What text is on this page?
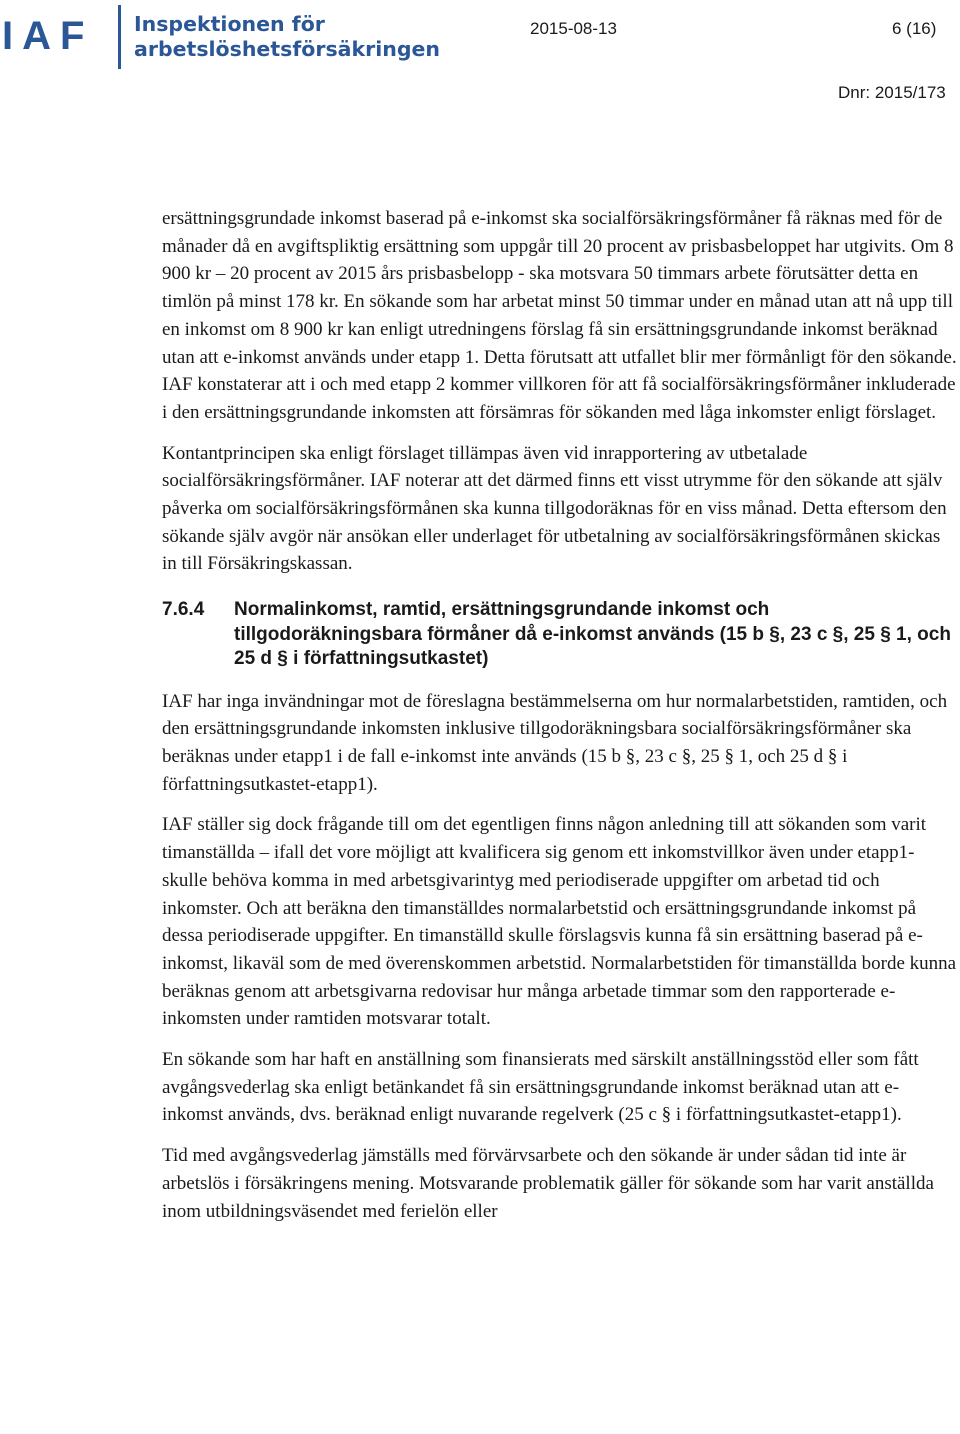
IAF Inspektionen för
arbetslöshetsförsäkringen
2015-08-13	6 (16)
Dnr: 2015/173

ersättningsgrundade inkomst baserad på e-inkomst ska socialförsäkringsförmåner få räknas med för de månader då en avgiftspliktig ersättning som uppgår till 20 procent av prisbasbeloppet har utgivits. Om 8 900 kr – 20 procent av 2015 års prisbasbelopp - ska motsvara 50 timmars arbete förutsätter detta en timlön på minst 178 kr. En sökande som har arbetat minst 50 timmar under en månad utan att nå upp till en inkomst om 8 900 kr kan enligt utredningens förslag få sin ersättningsgrundande inkomst beräknad utan att e-inkomst används under etapp 1. Detta förutsatt att utfallet blir mer förmånligt för den sökande. IAF konstaterar att i och med etapp 2 kommer villkoren för att få socialförsäkringsförmåner inkluderade i den ersättningsgrundande inkomsten att försämras för sökanden med låga inkomster enligt förslaget.

Kontantprincipen ska enligt förslaget tillämpas även vid inrapportering av utbetalade socialförsäkringsförmåner. IAF noterar att det därmed finns ett visst utrymme för den sökande att själv påverka om socialförsäkringsförmånen ska kunna tillgodoräknas för en viss månad. Detta eftersom den sökande själv avgör när ansökan eller underlaget för utbetalning av socialförsäkringsförmånen skickas in till Försäkringskassan.

7.6.4	Normalinkomst, ramtid, ersättningsgrundande inkomst och tillgodoräkningsbara förmåner då e-inkomst används (15 b §, 23 c §, 25 § 1, och 25 d § i författningsutkastet)

IAF har inga invändningar mot de föreslagna bestämmelserna om hur normalarbetstiden, ramtiden, och den ersättningsgrundande inkomsten inklusive tillgodoräkningsbara socialförsäkringsförmåner ska beräknas under etapp1 i de fall e-inkomst inte används (15 b §, 23 c §, 25 § 1, och 25 d § i författningsutkastet-etapp1).

IAF ställer sig dock frågande till om det egentligen finns någon anledning till att sökanden som varit timanställda – ifall det vore möjligt att kvalificera sig genom ett inkomstvillkor även under etapp1- skulle behöva komma in med arbetsgivarintyg med periodiserade uppgifter om arbetad tid och inkomster. Och att beräkna den timanställdes normalarbetstid och ersättningsgrundande inkomst på dessa periodiserade uppgifter. En timanställd skulle förslagsvis kunna få sin ersättning baserad på e-inkomst, likaväl som de med överenskommen arbetstid. Normalarbetstiden för timanställda borde kunna beräknas genom att arbetsgivarna redovisar hur många arbetade timmar som den rapporterade e-inkomsten under ramtiden motsvarar totalt.

En sökande som har haft en anställning som finansierats med särskilt anställningsstöd eller som fått avgångsvederlag ska enligt betänkandet få sin ersättningsgrundande inkomst beräknad utan att e-inkomst används, dvs. beräknad enligt nuvarande regelverk (25 c § i författningsutkastet-etapp1).

Tid med avgångsvederlag jämställs med förvärvsarbete och den sökande är under sådan tid inte är arbetslös i försäkringens mening. Motsvarande problematik gäller för sökande som har varit anställda inom utbildningsväsendet med ferielön eller
